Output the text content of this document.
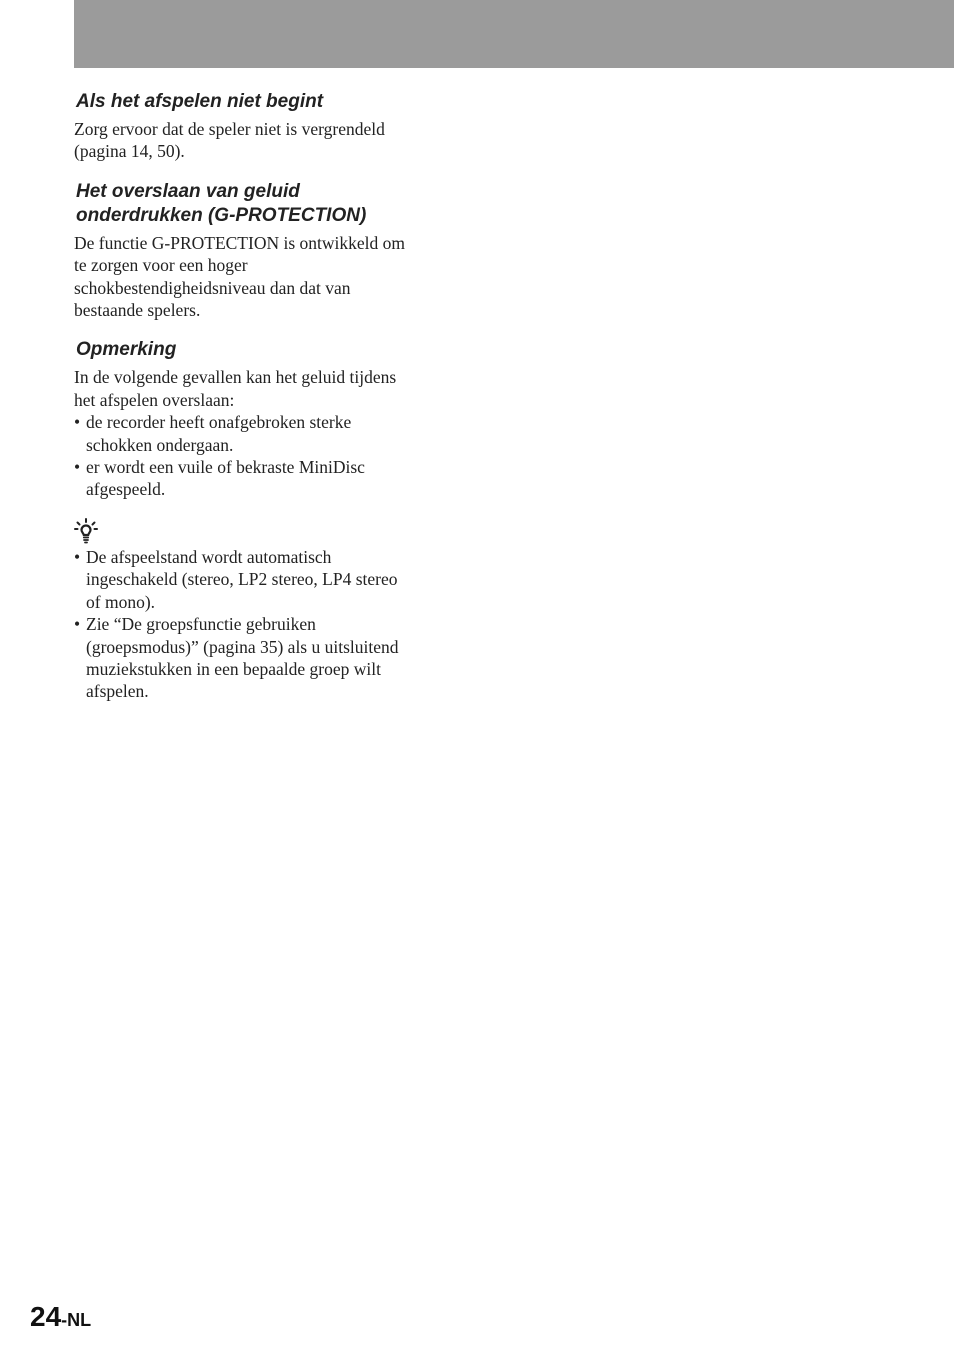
Als het afspelen niet begint

Zorg ervoor dat de speler niet is vergrendeld
(pagina 14, 50).

Het overslaan van geluid
onderdrukken (G-PROTECTION)

De functie G-PROTECTION is ontwikkeld om
te zorgen voor een hoger
schokbestendigheidsniveau dan dat van
bestaande spelers.

Opmerking

In de volgende gevallen kan het geluid tijdens
het afspelen overslaan:

• de recorder heeft onafgebroken sterke
schokken ondergaan.
• er wordt een vuile of bekraste MiniDisc
afgespeeld.
• De afspeelstand wordt automatisch
ingeschakeld (stereo, LP2 stereo, LP4 stereo
of mono).
• Zie “De groepsfunctie gebruiken
(groepsmodus)” (pagina 35) als u uitsluitend
muziekstukken in een bepaalde groep wilt
afspelen.
24-NL
